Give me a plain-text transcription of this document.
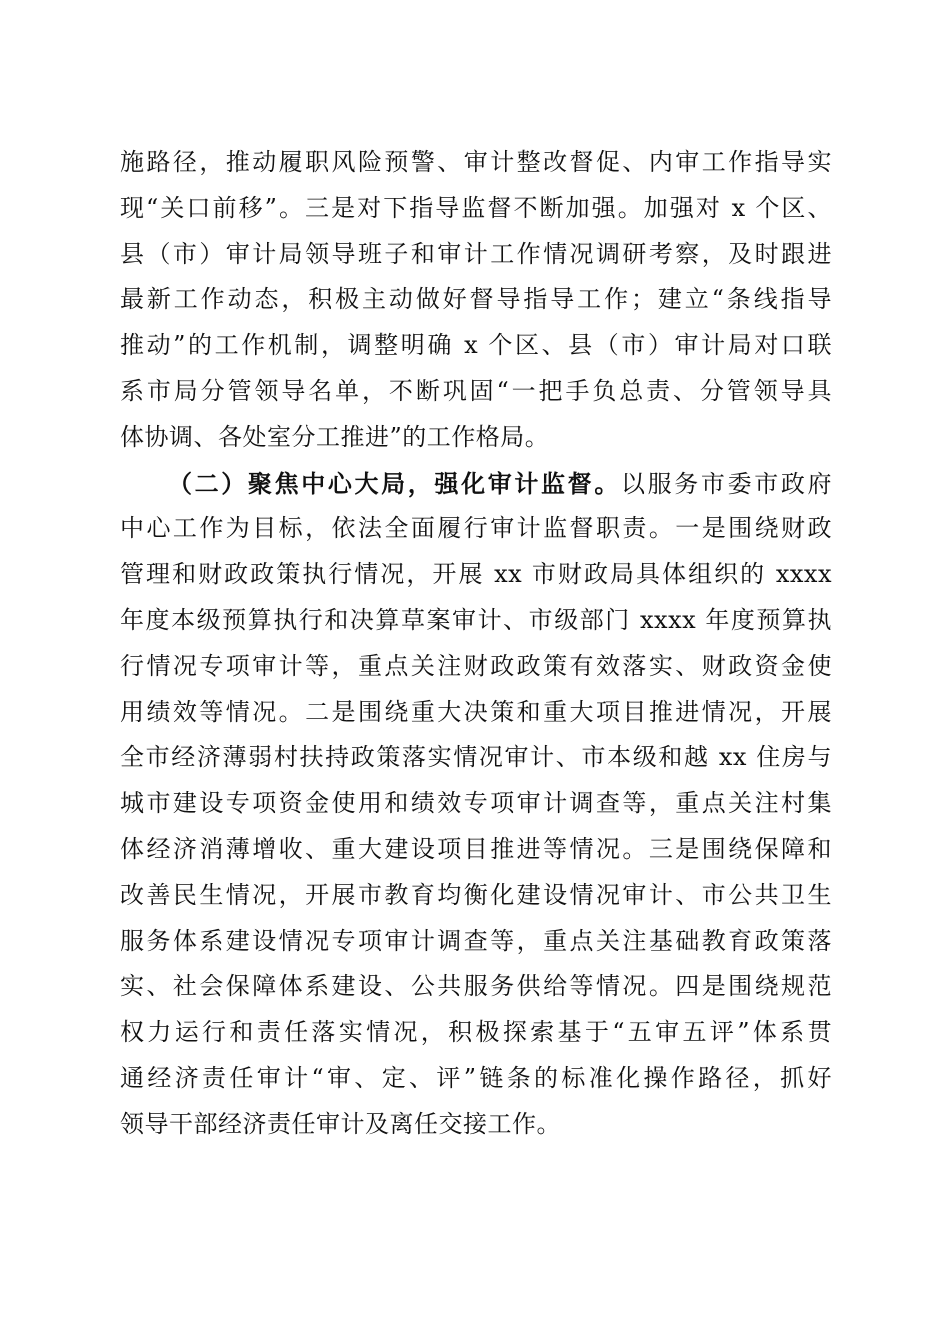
施路径，推动履职风险预警、审计整改督促、内审工作指导实
现“关口前移”。三是对下指导监督不断加强。加强对 x 个区、
县（市）审计局领导班子和审计工作情况调研考察，及时跟进
最新工作动态，积极主动做好督导指导工作；建立“条线指导
推动”的工作机制，调整明确 x 个区、县（市）审计局对口联
系市局分管领导名单，不断巩固“一把手负总责、分管领导具
体协调、各处室分工推进”的工作格局。
（二）聚焦中心大局，强化审计监督。以服务市委市政府
中心工作为目标，依法全面履行审计监督职责。一是围绕财政
管理和财政政策执行情况，开展 xx 市财政局具体组织的 xxxx
年度本级预算执行和决算草案审计、市级部门 xxxx 年度预算执
行情况专项审计等，重点关注财政政策有效落实、财政资金使
用绩效等情况。二是围绕重大决策和重大项目推进情况，开展
全市经济薄弱村扶持政策落实情况审计、市本级和越 xx 住房与
城市建设专项资金使用和绩效专项审计调查等，重点关注村集
体经济消薄增收、重大建设项目推进等情况。三是围绕保障和
改善民生情况，开展市教育均衡化建设情况审计、市公共卫生
服务体系建设情况专项审计调查等，重点关注基础教育政策落
实、社会保障体系建设、公共服务供给等情况。四是围绕规范
权力运行和责任落实情况，积极探索基于“五审五评”体系贯
通经济责任审计“审、定、评”链条的标准化操作路径，抓好
领导干部经济责任审计及离任交接工作。
